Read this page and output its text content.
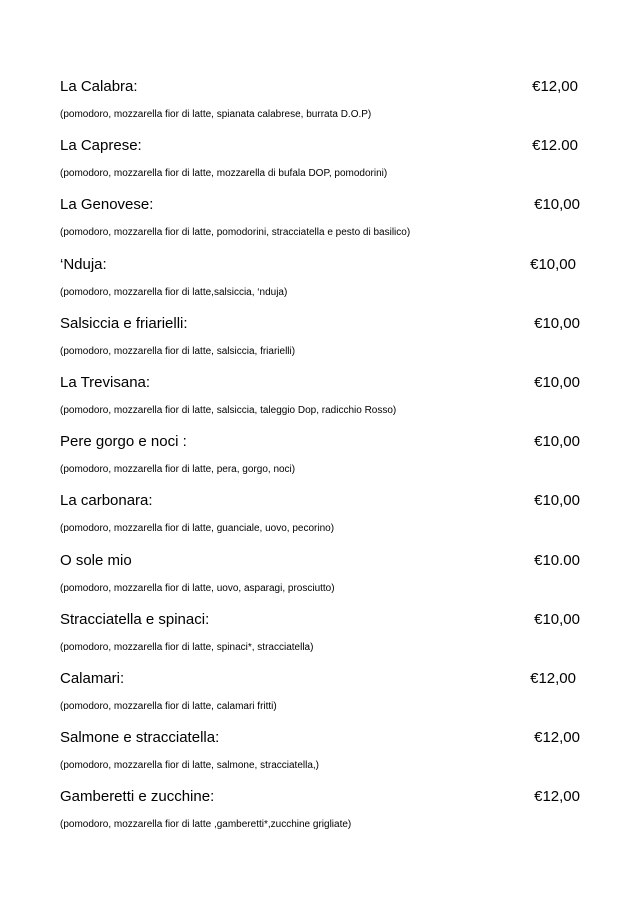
La Calabra:	€12,00
(pomodoro, mozzarella fior di latte, spianata calabrese, burrata D.O.P)
La Caprese:	€12.00
(pomodoro, mozzarella fior di latte, mozzarella di bufala DOP, pomodorini)
La Genovese:	€10,00
(pomodoro, mozzarella fior di latte, pomodorini, stracciatella e pesto di basilico)
‘Nduja:	€10,00
(pomodoro, mozzarella fior di latte,salsiccia, ‘nduja)
Salsiccia e friarielli:	€10,00
(pomodoro, mozzarella fior di latte, salsiccia, friarielli)
La Trevisana:	€10,00
(pomodoro, mozzarella fior di latte, salsiccia, taleggio Dop, radicchio Rosso)
Pere gorgo e noci :	€10,00
(pomodoro, mozzarella fior di latte, pera, gorgo, noci)
La carbonara:	€10,00
(pomodoro, mozzarella fior di latte, guanciale, uovo, pecorino)
O sole mio	€10.00
(pomodoro, mozzarella fior di latte, uovo, asparagi, prosciutto)
Stracciatella e spinaci:	€10,00
(pomodoro, mozzarella fior di latte, spinaci*, stracciatella)
Calamari:	€12,00
(pomodoro, mozzarella fior di latte, calamari fritti)
Salmone e stracciatella:	€12,00
(pomodoro, mozzarella fior di latte, salmone, stracciatella,)
Gamberetti e zucchine:	€12,00
(pomodoro, mozzarella fior di latte ,gamberetti*,zucchine grigliate)
